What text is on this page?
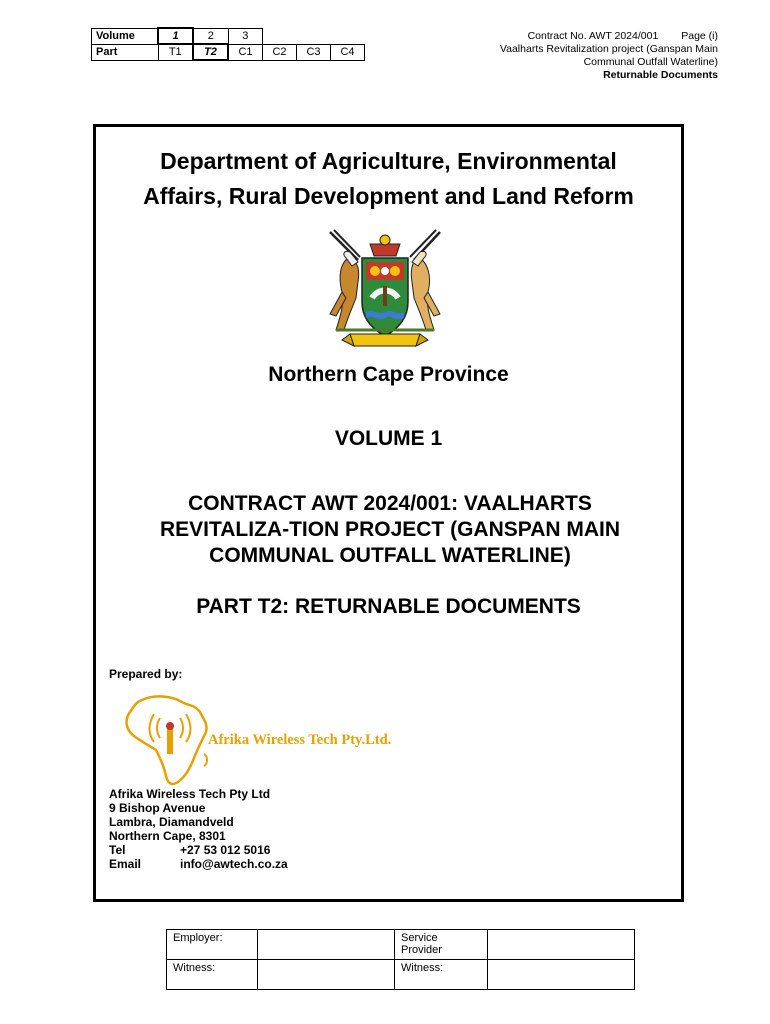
Volume	1	2	3			
Part	T1	T2	C1	C2	C3	C4
Contract No. AWT 2024/001 Page (i)
Vaalharts Revitalization project (Ganspan Main
Communal Outfall Waterline)
Returnable Documents
Department of Agriculture, Environmental
Affairs, Rural Development and Land Reform
Northern Cape Province
VOLUME 1
CONTRACT AWT 2024/001: VAALHARTS
REVITALIZA-TION PROJECT (GANSPAN MAIN
COMMUNAL OUTFALL WATERLINE)
PART T2: RETURNABLE DOCUMENTS
Prepared by:
Afrika Wireless Tech Pty.Ltd.
Afrika Wireless Tech Pty Ltd
9 Bishop Avenue
Lambra, Diamandveld
Northern Cape, 8301
Tel	+27 53 012 5016
Email	info@awtech.co.za
Employer:		Service Provider	
Witness:		Witness:	
